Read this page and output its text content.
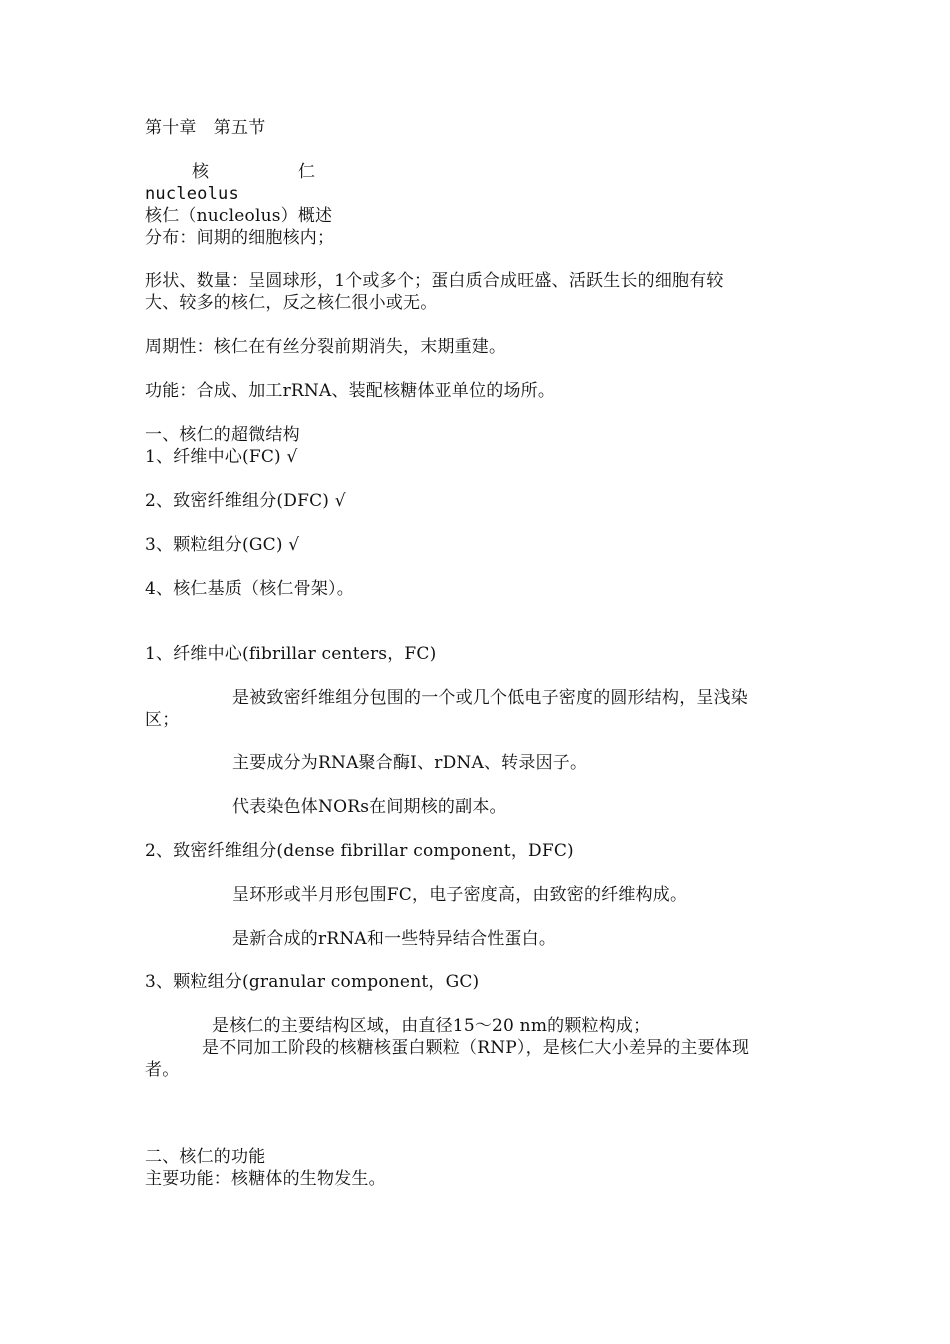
第十章　第五节
核	仁
nucleolus
核仁（nucleolus）概述
分布：间期的细胞核内；
形状、数量：呈圆球形，1个或多个；蛋白质合成旺盛、活跃生长的细胞有较
大、较多的核仁，反之核仁很小或无。
周期性：核仁在有丝分裂前期消失，末期重建。
功能：合成、加工rRNA、装配核糖体亚单位的场所。
一、核仁的超微结构
1、纤维中心(FC) √
2、致密纤维组分(DFC) √
3、颗粒组分(GC) √
4、核仁基质（核仁骨架）。
1、纤维中心(fibrillar centers，FC)
是被致密纤维组分包围的一个或几个低电子密度的圆形结构，呈浅染
区；
主要成分为RNA聚合酶Ⅰ、rDNA、转录因子。
代表染色体NORs在间期核的副本。
2、致密纤维组分(dense fibrillar component，DFC)
呈环形或半月形包围FC，电子密度高，由致密的纤维构成。
是新合成的rRNA和一些特异结合性蛋白。
3、颗粒组分(granular component，GC)
是核仁的主要结构区域，由直径15～20 nm的颗粒构成；
是不同加工阶段的核糖核蛋白颗粒（RNP），是核仁大小差异的主要体现
者。
二、核仁的功能
主要功能：核糖体的生物发生。
